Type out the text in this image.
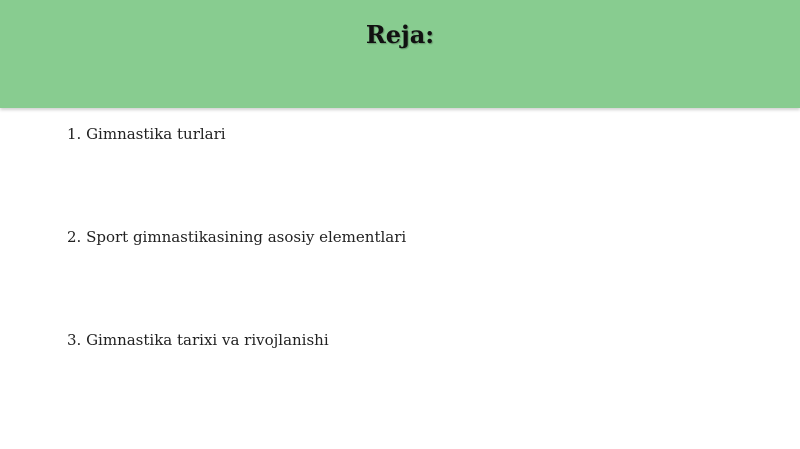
Reja:
1. Gimnastika turlari
2. Sport gimnastikasining asosiy elementlari
3. Gimnastika tarixi va rivojlanishi
